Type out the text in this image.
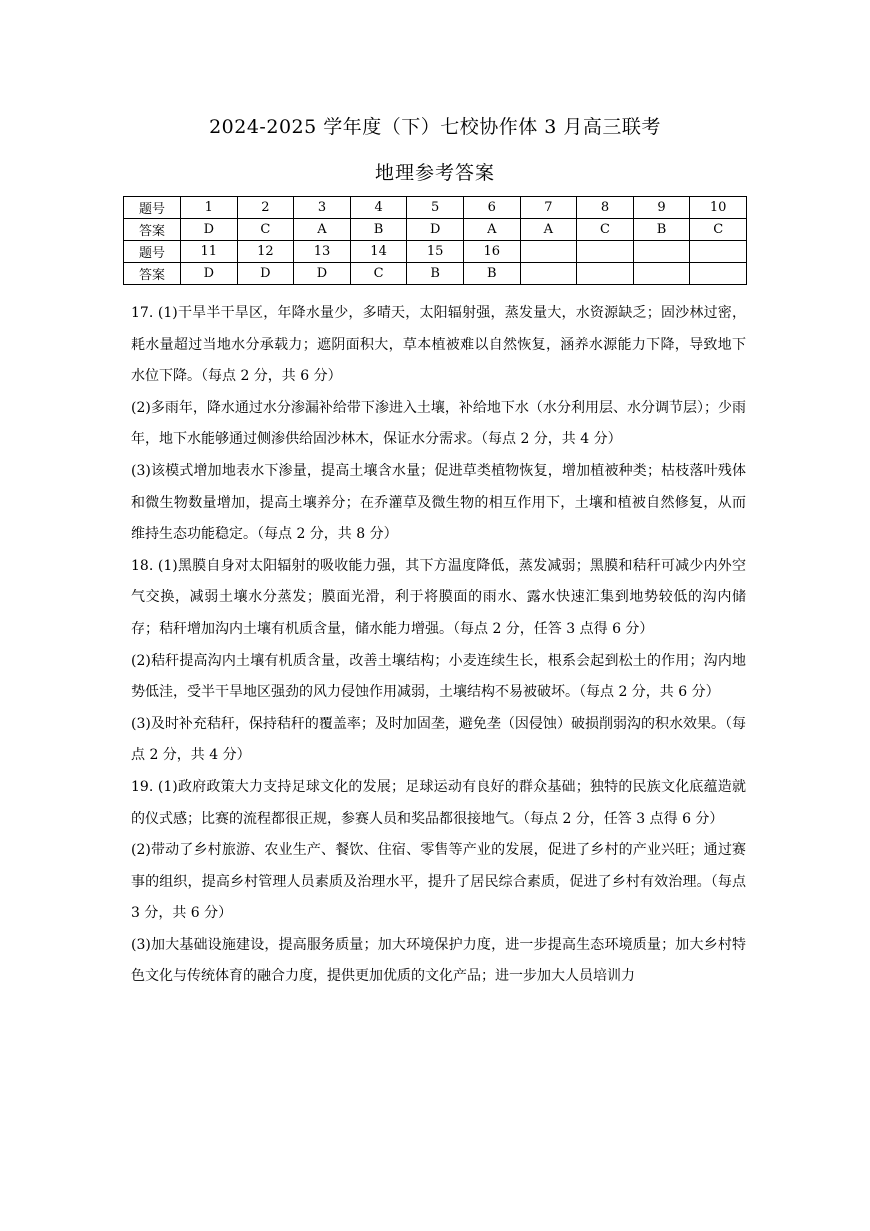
2024-2025 学年度（下）七校协作体 3 月高三联考
地理参考答案
题号	1	2	3	4	5	6	7	8	9	10
答案	D	C	A	B	D	A	A	C	B	C
题号	11	12	13	14	15	16				
答案	D	D	D	C	B	B				

17. (1)干旱半干旱区，年降水量少，多晴天，太阳辐射强，蒸发量大，水资源缺乏；固沙林过密，耗水量超过当地水分承载力；遮阴面积大，草本植被难以自然恢复，涵养水源能力下降，导致地下水位下降。（每点 2 分，共 6 分）

(2)多雨年，降水通过水分渗漏补给带下渗进入土壤，补给地下水（水分利用层、水分调节层）；少雨年，地下水能够通过侧渗供给固沙林木，保证水分需求。（每点 2 分，共 4 分）

(3)该模式增加地表水下渗量，提高土壤含水量；促进草类植物恢复，增加植被种类；枯枝落叶残体和微生物数量增加，提高土壤养分；在乔灌草及微生物的相互作用下，土壤和植被自然修复，从而维持生态功能稳定。（每点 2 分，共 8 分）

18. (1)黑膜自身对太阳辐射的吸收能力强，其下方温度降低，蒸发减弱；黑膜和秸秆可减少内外空气交换，减弱土壤水分蒸发；膜面光滑，利于将膜面的雨水、露水快速汇集到地势较低的沟内储存；秸秆增加沟内土壤有机质含量，储水能力增强。（每点 2 分，任答 3 点得 6 分）

(2)秸秆提高沟内土壤有机质含量，改善土壤结构；小麦连续生长，根系会起到松土的作用；沟内地势低洼，受半干旱地区强劲的风力侵蚀作用减弱，土壤结构不易被破坏。（每点 2 分，共 6 分）

(3)及时补充秸秆，保持秸秆的覆盖率；及时加固垄，避免垄（因侵蚀）破损削弱沟的积水效果。（每点 2 分，共 4 分）

19. (1)政府政策大力支持足球文化的发展；足球运动有良好的群众基础；独特的民族文化底蕴造就的仪式感；比赛的流程都很正规，参赛人员和奖品都很接地气。（每点 2 分，任答 3 点得 6 分）

(2)带动了乡村旅游、农业生产、餐饮、住宿、零售等产业的发展，促进了乡村的产业兴旺；通过赛事的组织，提高乡村管理人员素质及治理水平，提升了居民综合素质，促进了乡村有效治理。（每点 3 分，共 6 分）

(3)加大基础设施建设，提高服务质量；加大环境保护力度，进一步提高生态环境质量；加大乡村特色文化与传统体育的融合力度，提供更加优质的文化产品；进一步加大人员培训力
